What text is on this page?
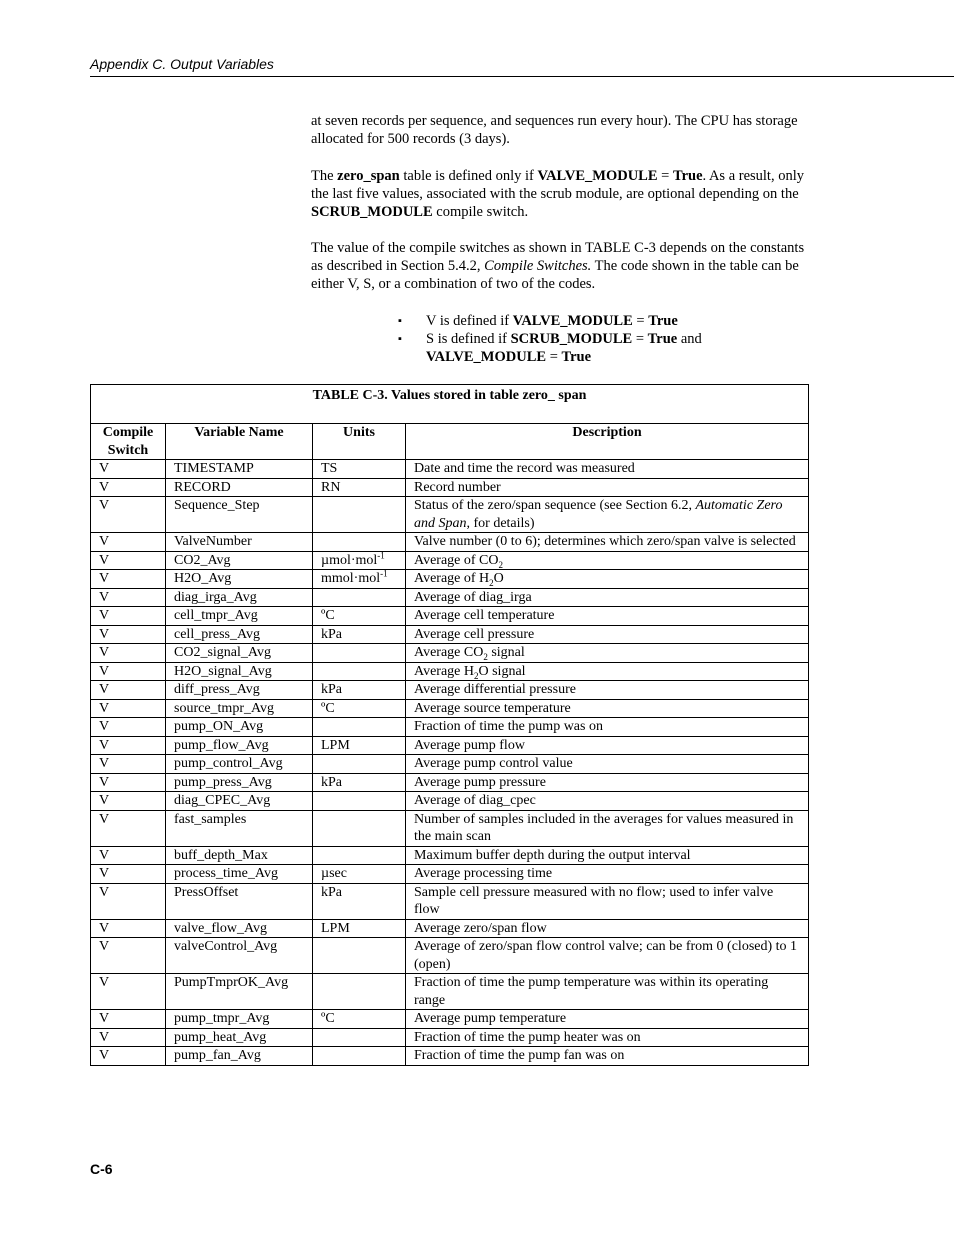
Appendix C. Output Variables
at seven records per sequence, and sequences run every hour). The CPU has storage allocated for 500 records (3 days).
The zero_span table is defined only if VALVE_MODULE = True. As a result, only the last five values, associated with the scrub module, are optional depending on the SCRUB_MODULE compile switch.
The value of the compile switches as shown in TABLE C-3 depends on the constants as described in Section 5.4.2, Compile Switches. The code shown in the table can be either V, S, or a combination of two of the codes.
▪ V is defined if VALVE_MODULE = True
▪ S is defined if SCRUB_MODULE = True and
VALVE_MODULE = True
TABLE C-3. Values stored in table zero_ span			
Compile Switch	Variable Name	Units	Description
V	TIMESTAMP	TS	Date and time the record was measured
V	RECORD	RN	Record number
V	Sequence_Step		Status of the zero/span sequence (see Section 6.2, Automatic Zero and Span, for details)
V	ValveNumber		Valve number (0 to 6); determines which zero/span valve is selected
V	CO2_Avg	µmol·mol$^{-1}$	Average of $CO_2$
V	H2O_Avg	mmol·mol$^{-1}$	Average of $H_2O$
V	diag_irga_Avg		Average of diag_irga
V	cell_tmpr_Avg	ºC	Average cell temperature
V	cell_press_Avg	kPa	Average cell pressure
V	CO2_signal_Avg		Average $CO_2$ signal
V	H2O_signal_Avg		Average $H_2O$ signal
V	diff_press_Avg	kPa	Average differential pressure
V	source_tmpr_Avg	ºC	Average source temperature
V	pump_ON_Avg		Fraction of time the pump was on
V	pump_flow_Avg	LPM	Average pump flow
V	pump_control_Avg		Average pump control value
V	pump_press_Avg	kPa	Average pump pressure
V	diag_CPEC_Avg		Average of diag_cpec
V	fast_samples		Number of samples included in the averages for values measured in the main scan
V	buff_depth_Max		Maximum buffer depth during the output interval
V	process_time_Avg	µsec	Average processing time
V	PressOffset	kPa	Sample cell pressure measured with no flow; used to infer valve flow
V	valve_flow_Avg	LPM	Average zero/span flow
V	valveControl_Avg		Average of zero/span flow control valve; can be from 0 (closed) to 1 (open)
V	PumpTmprOK_Avg		Fraction of time the pump temperature was within its operating range
V	pump_tmpr_Avg	ºC	Average pump temperature
V	pump_heat_Avg		Fraction of time the pump heater was on
V	pump_fan_Avg		Fraction of time the pump fan was on
C-6
